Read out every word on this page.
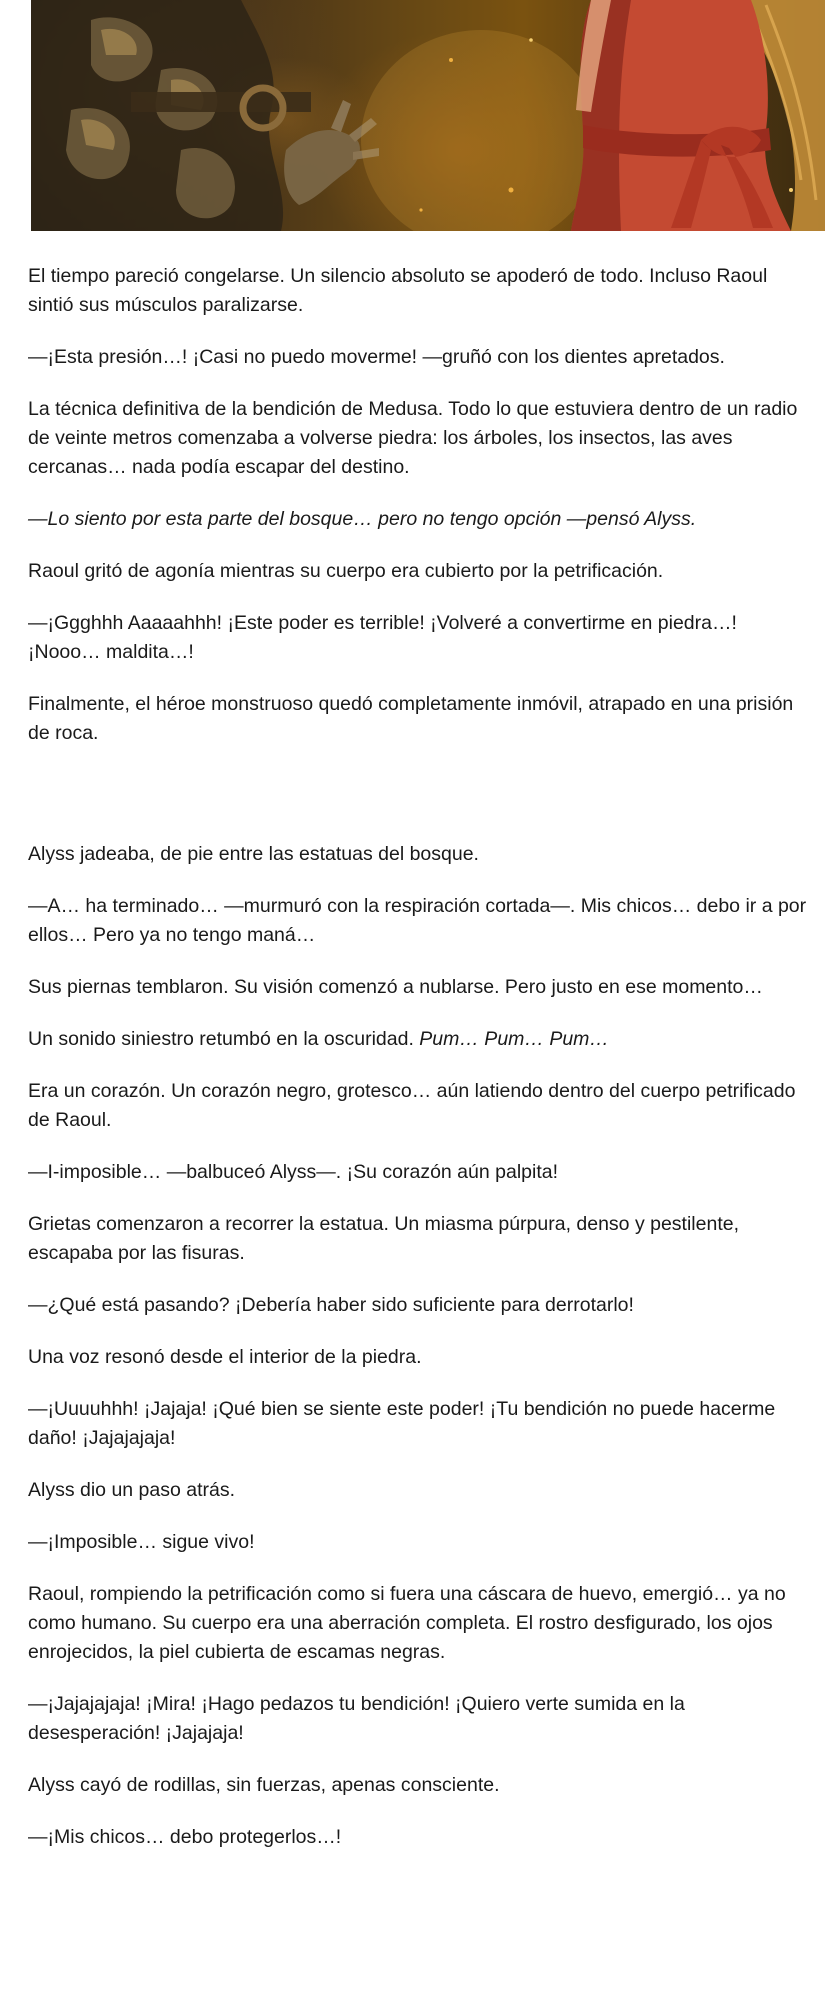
El tiempo pareció congelarse. Un silencio absoluto se apoderó de todo. Incluso Raoul sintió sus músculos paralizarse.

—¡Esta presión…! ¡Casi no puedo moverme! —gruñó con los dientes apretados.

La técnica definitiva de la bendición de Medusa. Todo lo que estuviera dentro de un radio de veinte metros comenzaba a volverse piedra: los árboles, los insectos, las aves cercanas… nada podía escapar del destino.

—Lo siento por esta parte del bosque… pero no tengo opción —pensó Alyss.

Raoul gritó de agonía mientras su cuerpo era cubierto por la petrificación.

—¡Ggghhh Aaaaahhh! ¡Este poder es terrible! ¡Volveré a convertirme en piedra…! ¡Nooo… maldita…!

Finalmente, el héroe monstruoso quedó completamente inmóvil, atrapado en una prisión de roca.

Alyss jadeaba, de pie entre las estatuas del bosque.

—A… ha terminado… —murmuró con la respiración cortada—. Mis chicos… debo ir a por ellos… Pero ya no tengo maná…

Sus piernas temblaron. Su visión comenzó a nublarse. Pero justo en ese momento…

Un sonido siniestro retumbó en la oscuridad. Pum… Pum… Pum…

Era un corazón. Un corazón negro, grotesco… aún latiendo dentro del cuerpo petrificado de Raoul.

—I-imposible… —balbuceó Alyss—. ¡Su corazón aún palpita!

Grietas comenzaron a recorrer la estatua. Un miasma púrpura, denso y pestilente, escapaba por las fisuras.

—¿Qué está pasando? ¡Debería haber sido suficiente para derrotarlo!

Una voz resonó desde el interior de la piedra.

—¡Uuuuhhh! ¡Jajaja! ¡Qué bien se siente este poder! ¡Tu bendición no puede hacerme daño! ¡Jajajajaja!

Alyss dio un paso atrás.

—¡Imposible… sigue vivo!

Raoul, rompiendo la petrificación como si fuera una cáscara de huevo, emergió… ya no como humano. Su cuerpo era una aberración completa. El rostro desfigurado, los ojos enrojecidos, la piel cubierta de escamas negras.

—¡Jajajajaja! ¡Mira! ¡Hago pedazos tu bendición! ¡Quiero verte sumida en la desesperación! ¡Jajajaja!

Alyss cayó de rodillas, sin fuerzas, apenas consciente.

—¡Mis chicos… debo protegerlos…!
